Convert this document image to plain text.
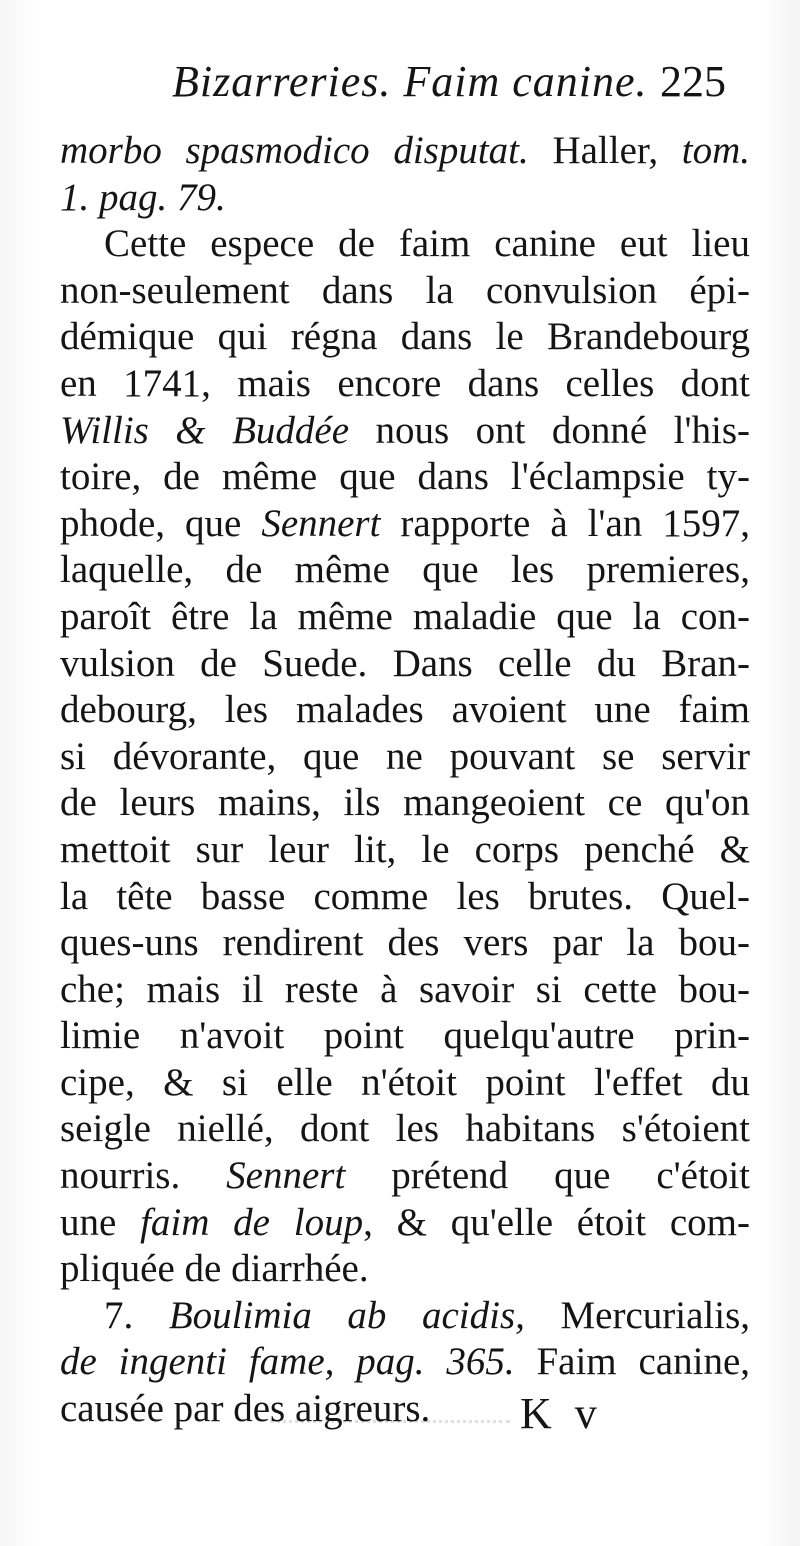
Bizarreries. Faim canine. 225
morbo spasmodico disputat. Haller, tom.
1. pag. 79.
Cette espece de faim canine eut lieu
non-seulement dans la convulsion épi-
démique qui régna dans le Brandebourg
en 1741, mais encore dans celles dont
Willis & Buddée nous ont donné l'his-
toire, de même que dans l'éclampsie ty-
phode, que Sennert rapporte à l'an 1597,
laquelle, de même que les premieres,
paroît être la même maladie que la con-
vulsion de Suede. Dans celle du Bran-
debourg, les malades avoient une faim
si dévorante, que ne pouvant se servir
de leurs mains, ils mangeoient ce qu'on
mettoit sur leur lit, le corps penché &
la tête basse comme les brutes. Quel-
ques-uns rendirent des vers par la bou-
che; mais il reste à savoir si cette bou-
limie n'avoit point quelqu'autre prin-
cipe, & si elle n'étoit point l'effet du
seigle niellé, dont les habitans s'étoient
nourris. Sennert prétend que c'étoit
une faim de loup, & qu'elle étoit com-
pliquée de diarrhée.
7. Boulimia ab acidis, Mercurialis,
de ingenti fame, pag. 365. Faim canine,
causée par des aigreurs.	K v
